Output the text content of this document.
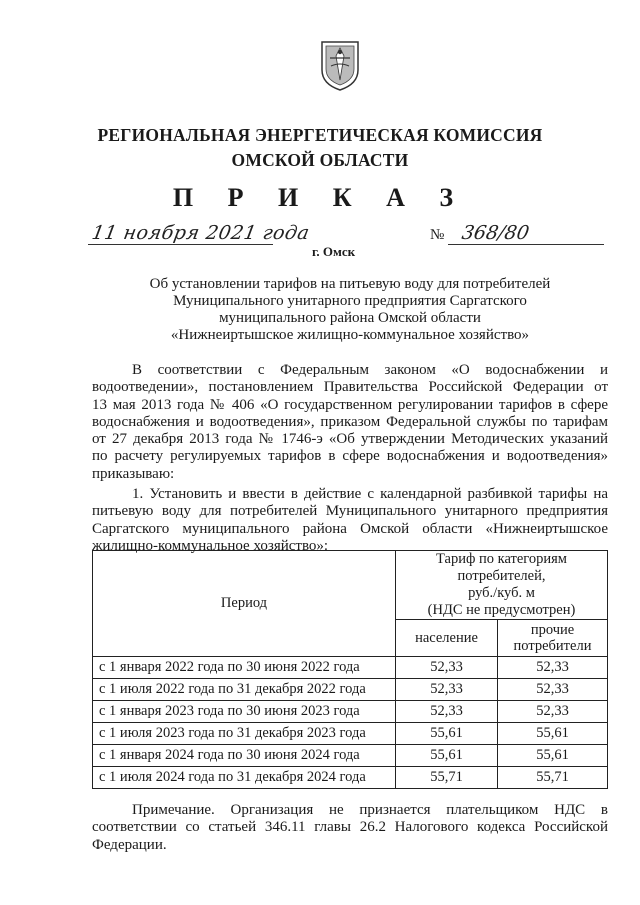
РЕГИОНАЛЬНАЯ ЭНЕРГЕТИЧЕСКАЯ КОМИССИЯ
ОМСКОЙ ОБЛАСТИ
П Р И К А З
11 ноября 2021 года
г. Омск
№ 368/80
Об установлении тарифов на питьевую воду для потребителей
Муниципального унитарного предприятия Саргатского
муниципального района Омской области
«Нижнеиртышское жилищно-коммунальное хозяйство»
В соответствии с Федеральным законом «О водоснабжении и
водоотведении», постановлением Правительства Российской Федерации от
13 мая 2013 года № 406 «О государственном регулировании тарифов в сфере
водоснабжения и водоотведения», приказом Федеральной службы по тарифам
от 27 декабря 2013 года № 1746-э «Об утверждении Методических указаний
по расчету регулируемых тарифов в сфере водоснабжения и водоотведения»
приказываю:
1. Установить и ввести в действие с календарной разбивкой тарифы на
питьевую воду для потребителей Муниципального унитарного предприятия
Саргатского муниципального района Омской области «Нижнеиртышское
жилищно-коммунальное хозяйство»:
Период	Тариф по категориям
потребителей,
руб./куб. м
(НДС не предусмотрен)	

	население	прочие
потребители

с 1 января 2022 года по 30 июня 2022 года	52,33	52,33
с 1 июля 2022 года по 31 декабря 2022 года	52,33	52,33
с 1 января 2023 года по 30 июня 2023 года	52,33	52,33
с 1 июля 2023 года по 31 декабря 2023 года	55,61	55,61
с 1 января 2024 года по 30 июня 2024 года	55,61	55,61
с 1 июля 2024 года по 31 декабря 2024 года	55,71	55,71
Примечание. Организация не признается плательщиком НДС в
соответствии со статьей 346.11 главы 26.2 Налогового кодекса Российской
Федерации.
